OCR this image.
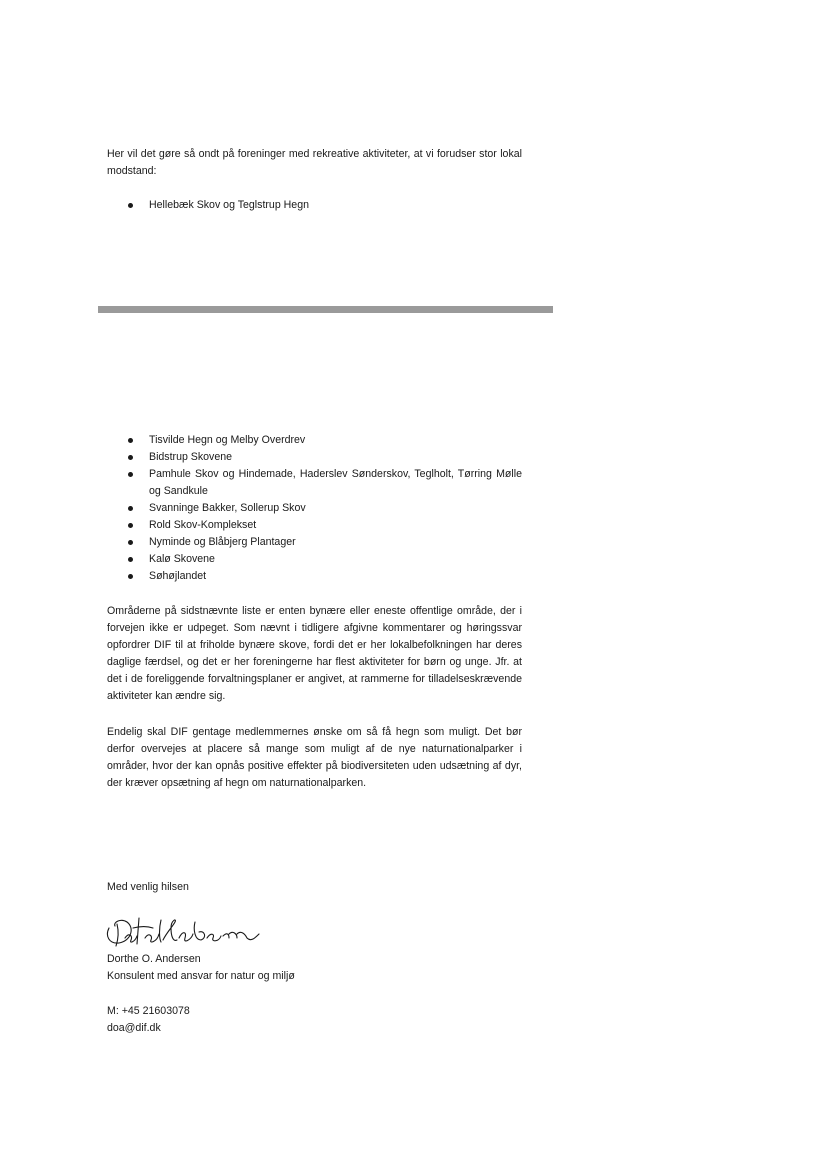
Her vil det gøre så ondt på foreninger med rekreative aktiviteter, at vi forudser stor lokal modstand:

Hellebæk Skov og Teglstrup Hegn
Tisvilde Hegn og Melby Overdrev
Bidstrup Skovene
Pamhule Skov og Hindemade, Haderslev Sønderskov, Teglholt, Tørring Mølle og Sandkule
Svanninge Bakker, Sollerup Skov
Rold Skov-Komplekset
Nyminde og Blåbjerg Plantager
Kalø Skovene
Søhøjlandet

Områderne på sidstnævnte liste er enten bynære eller eneste offentlige område, der i forvejen ikke er udpeget. Som nævnt i tidligere afgivne kommentarer og høringssvar opfordrer DIF til at friholde bynære skove, fordi det er her lokalbefolkningen har deres daglige færdsel, og det er her foreningerne har flest aktiviteter for børn og unge. Jfr. at det i de foreliggende forvaltningsplaner er angivet, at rammerne for tilladelseskrævende aktiviteter kan ændre sig.

Endelig skal DIF gentage medlemmernes ønske om så få hegn som muligt. Det bør derfor overvejes at placere så mange som muligt af de nye naturnationalparker i områder, hvor der kan opnås positive effekter på biodiversiteten uden udsætning af dyr, der kræver opsætning af hegn om naturnationalparken.

Med venlig hilsen
Dorthe O. Andersen
Konsulent med ansvar for natur og miljø
M: +45 21603078
doa@dif.dk
